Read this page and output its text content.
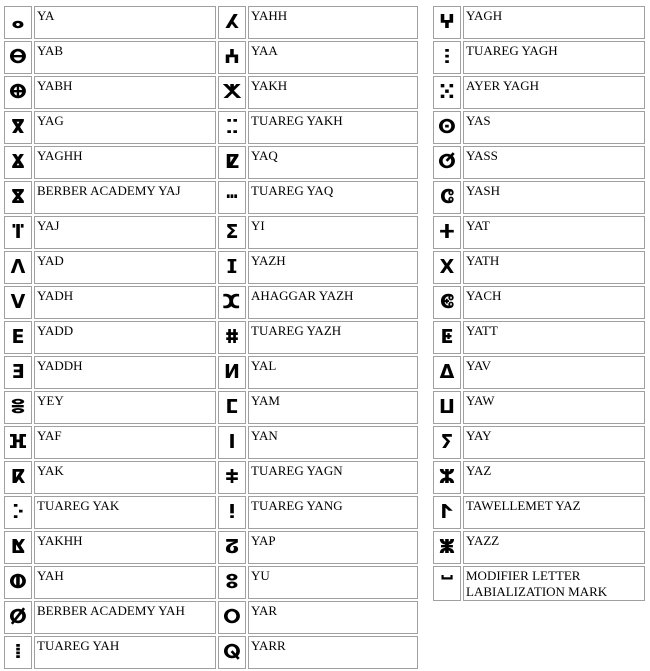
ⴰ	YA
ⴱ	YAB
ⴲ	YABH
ⴳ	YAG
ⴴ	YAGHH
ⴵ	BERBER ACADEMY YAJ
ⴶ	YAJ
ⴷ	YAD
ⴸ	YADH
ⴹ	YADD
ⴺ	YADDH
ⴻ	YEY
ⴼ	YAF
ⴽ	YAK
ⴾ	TUAREG YAK
ⴿ	YAKHH
ⵀ	YAH
ⵁ	BERBER ACADEMY YAH
ⵂ	TUAREG YAH
ⵃ	YAHH
ⵄ	YAA
ⵅ	YAKH
ⵆ	TUAREG YAKH
ⵇ	YAQ
ⵈ	TUAREG YAQ
ⵉ	YI
ⵊ	YAZH
ⵋ	AHAGGAR YAZH
ⵌ	TUAREG YAZH
ⵍ	YAL
ⵎ	YAM
ⵏ	YAN
ⵐ	TUAREG YAGN
ⵑ	TUAREG YANG
ⵒ	YAP
ⵓ	YU
ⵔ	YAR
ⵕ	YARR
ⵖ	YAGH
ⵗ	TUAREG YAGH
ⵘ	AYER YAGH
ⵙ	YAS
ⵚ	YASS
ⵛ	YASH
ⵜ	YAT
ⵝ	YATH
ⵞ	YACH
ⵟ	YATT
ⵠ	YAV
ⵡ	YAW
ⵢ	YAY
ⵣ	YAZ
ⵤ	TAWELLEMET YAZ
ⵥ	YAZZ
ⵯ	MODIFIER LETTER LABIALIZATION MARK
